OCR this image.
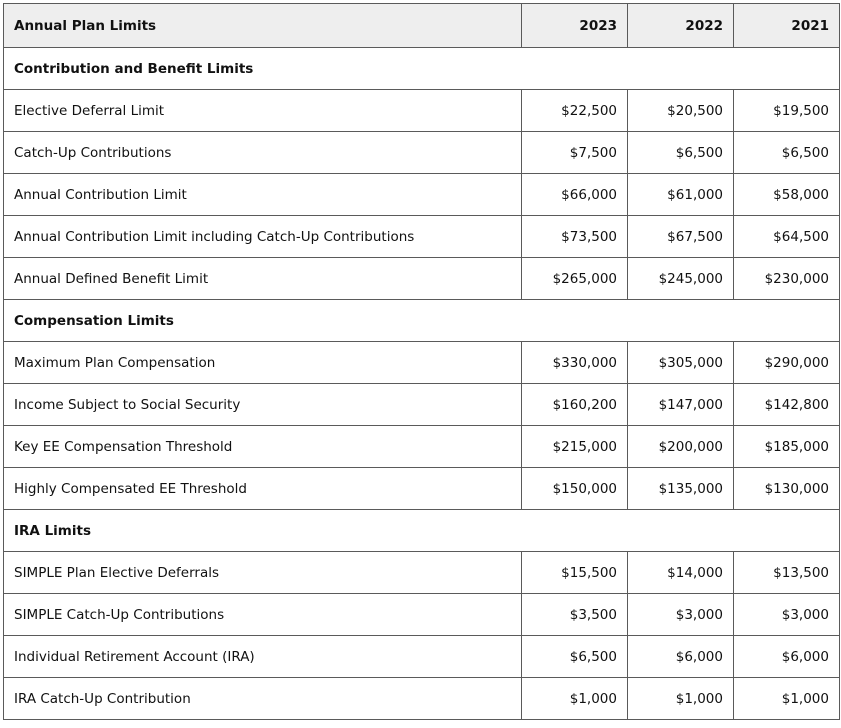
Annual Plan Limits	2023	2022	2021
Contribution and Benefit Limits			
Elective Deferral Limit	$22,500	$20,500	$19,500
Catch-Up Contributions	$7,500	$6,500	$6,500
Annual Contribution Limit	$66,000	$61,000	$58,000
Annual Contribution Limit including Catch-Up Contributions	$73,500	$67,500	$64,500
Annual Defined Benefit Limit	$265,000	$245,000	$230,000
Compensation Limits			
Maximum Plan Compensation	$330,000	$305,000	$290,000
Income Subject to Social Security	$160,200	$147,000	$142,800
Key EE Compensation Threshold	$215,000	$200,000	$185,000
Highly Compensated EE Threshold	$150,000	$135,000	$130,000
IRA Limits			
SIMPLE Plan Elective Deferrals	$15,500	$14,000	$13,500
SIMPLE Catch-Up Contributions	$3,500	$3,000	$3,000
Individual Retirement Account (IRA)	$6,500	$6,000	$6,000
IRA Catch-Up Contribution	$1,000	$1,000	$1,000
